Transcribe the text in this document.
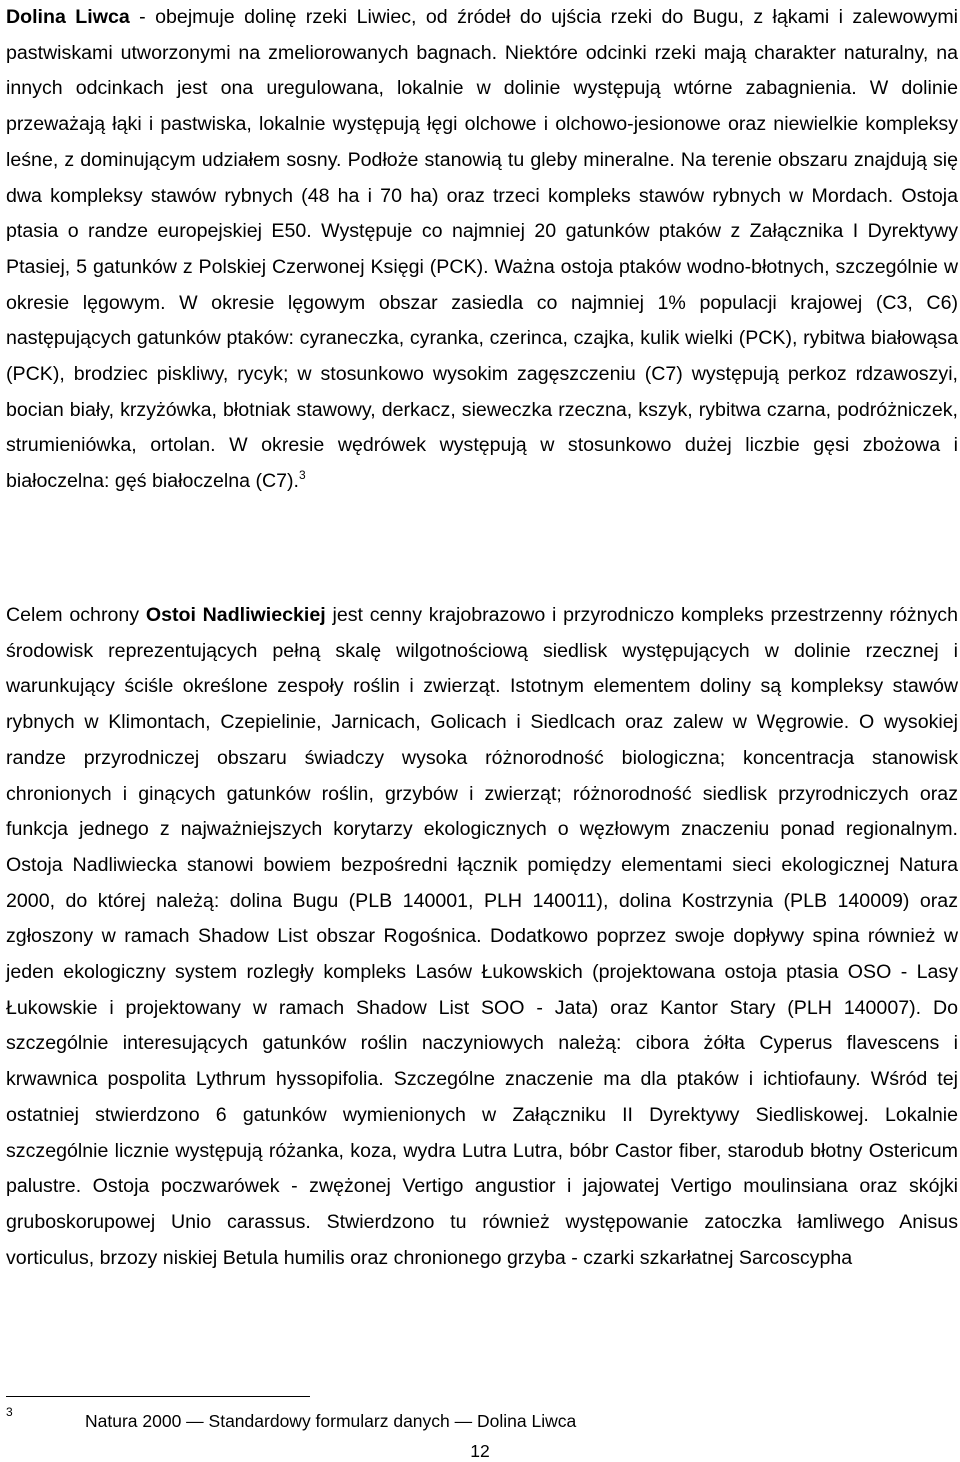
Dolina Liwca - obejmuje dolinę rzeki Liwiec, od źródeł do ujścia rzeki do Bugu, z łąkami i zalewowymi pastwiskami utworzonymi na zmeliorowanych bagnach. Niektóre odcinki rzeki mają charakter naturalny, na innych odcinkach jest ona uregulowana, lokalnie w dolinie występują wtórne zabagnienia. W dolinie przeważają łąki i pastwiska, lokalnie występują łęgi olchowe i olchowo-jesionowe oraz niewielkie kompleksy leśne, z dominującym udziałem sosny. Podłoże stanowią tu gleby mineralne. Na terenie obszaru znajdują się dwa kompleksy stawów rybnych (48 ha i 70 ha) oraz trzeci kompleks stawów rybnych w Mordach. Ostoja ptasia o randze europejskiej E50. Występuje co najmniej 20 gatunków ptaków z Załącznika I Dyrektywy Ptasiej, 5 gatunków z Polskiej Czerwonej Księgi (PCK). Ważna ostoja ptaków wodno-błotnych, szczególnie w okresie lęgowym. W okresie lęgowym obszar zasiedla co najmniej 1% populacji krajowej (C3, C6) następujących gatunków ptaków: cyraneczka, cyranka, czerinca, czajka, kulik wielki (PCK), rybitwa białowąsa (PCK), brodziec piskliwy, rycyk; w stosunkowo wysokim zagęszczeniu (C7) występują perkoz rdzawoszyi, bocian biały, krzyżówka, błotniak stawowy, derkacz, sieweczka rzeczna, kszyk, rybitwa czarna, podróżniczek, strumieniówka, ortolan. W okresie wędrówek występują w stosunkowo dużej liczbie gęsi zbożowa i białoczelna: gęś białoczelna (C7).$^3$

Celem ochrony Ostoi Nadliwieckiej jest cenny krajobrazowo i przyrodniczo kompleks przestrzenny różnych środowisk reprezentujących pełną skalę wilgotnościową siedlisk występujących w dolinie rzecznej i warunkujący ściśle określone zespoły roślin i zwierząt. Istotnym elementem doliny są kompleksy stawów rybnych w Klimontach, Czepielinie, Jarnicach, Golicach i Siedlcach oraz zalew w Węgrowie. O wysokiej randze przyrodniczej obszaru świadczy wysoka różnorodność biologiczna; koncentracja stanowisk chronionych i ginących gatunków roślin, grzybów i zwierząt; różnorodność siedlisk przyrodniczych oraz funkcja jednego z najważniejszych korytarzy ekologicznych o węzłowym znaczeniu ponad regionalnym. Ostoja Nadliwiecka stanowi bowiem bezpośredni łącznik pomiędzy elementami sieci ekologicznej Natura 2000, do której należą: dolina Bugu (PLB 140001, PLH 140011), dolina Kostrzynia (PLB 140009) oraz zgłoszony w ramach Shadow List obszar Rogośnica. Dodatkowo poprzez swoje dopływy spina również w jeden ekologiczny system rozległy kompleks Lasów Łukowskich (projektowana ostoja ptasia OSO - Lasy Łukowskie i projektowany w ramach Shadow List SOO - Jata) oraz Kantor Stary (PLH 140007). Do szczególnie interesujących gatunków roślin naczyniowych należą: cibora żółta Cyperus flavescens i krwawnica pospolita Lythrum hyssopifolia. Szczególne znaczenie ma dla ptaków i ichtiofauny. Wśród tej ostatniej stwierdzono 6 gatunków wymienionych w Załączniku II Dyrektywy Siedliskowej. Lokalnie szczególnie licznie występują różanka, koza, wydra Lutra Lutra, bóbr Castor fiber, starodub błotny Ostericum palustre. Ostoja poczwarówek - zwężonej Vertigo angustior i jajowatej Vertigo moulinsiana oraz skójki gruboskorupowej Unio carassus. Stwierdzono tu również występowanie zatoczka łamliwego Anisus vorticulus, brzozy niskiej Betula humilis oraz chronionego grzyba - czarki szkarłatnej Sarcoscypha

3	Natura 2000 — Standardowy formularz danych — Dolina Liwca
12
